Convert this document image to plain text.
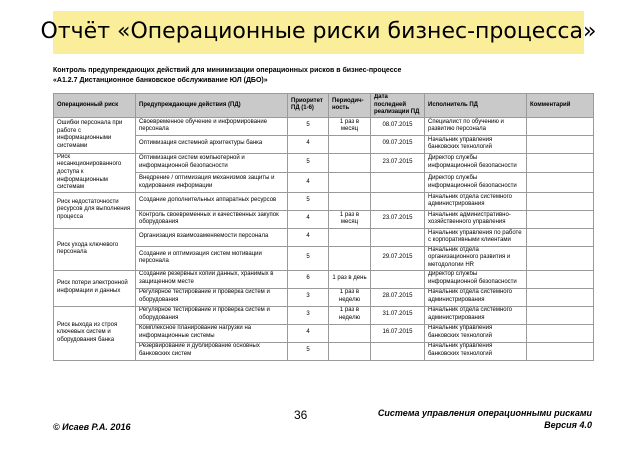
Отчёт «Операционные риски бизнес-процесса»
Контроль предупреждающих действий для минимизации операционных рисков в бизнес-процессе
«А1.2.7 Дистанционное банковское обслуживание ЮЛ (ДБО)»
Операционный риск	Предупреждающие действия (ПД)	Приоритет ПД (1-6)	Периодич-ность	Дата последней реализации ПД	Исполнитель ПД	Комментарий
Ошибки персонала при работе с информационными системами	Своевременное обучение и информирование персонала	5	1 раз в месяц	08.07.2015	Специалист по обучению и развитию персонала	
	Оптимизация системной архитектуры банка	4		09.07.2015	Начальник управления банковских технологий	
Риск несанкционированного доступа к информационным системам	Оптимизация систем компьютерной и информационной безопасности	5		23.07.2015	Директор службы информационной безопасности	
	Внедрение / оптимизация механизмов защиты и кодирования информации	4			Директор службы информационной безопасности	
Риск недостаточности ресурсов для выполнения процесса	Создание дополнительных аппаратных ресурсов	5			Начальник отдела системного администрирования	
	Контроль своевременных и качественных закупок оборудования	4	1 раз в месяц	23.07.2015	Начальник административно-хозяйственного управления	
Риск ухода ключевого персонала	Организация взаимозаменяемости персонала	4			Начальник управления по работе с корпоративными клиентами	
	Создание и оптимизация систем мотивации персонала	5		29.07.2015	Начальник отдела организационного развития и методологии HR	
Риск потери электронной информации и данных	Создание резервных копий данных, хранимых в защищенном месте	6	1 раз в день		Директор службы информационной безопасности	
	Регулярное тестирование и проверка систем и оборудования	3	1 раз в неделю	28.07.2015	Начальник отдела системного администрирования	
Риск выхода из строя ключевых систем и оборудования банка	Регулярное тестирование и проверка систем и оборудования	3	1 раз в неделю	31.07.2015	Начальник отдела системного администрирования	
	Комплексное планирование нагрузки на информационные системы	4		16.07.2015	Начальник управления банковских технологий	
	Резервирование и дублирование основных банковских систем	5			Начальник управления банковских технологий	
© Исаев Р.А. 2016
36	Система управления операционными рисками
Версия 4.0
